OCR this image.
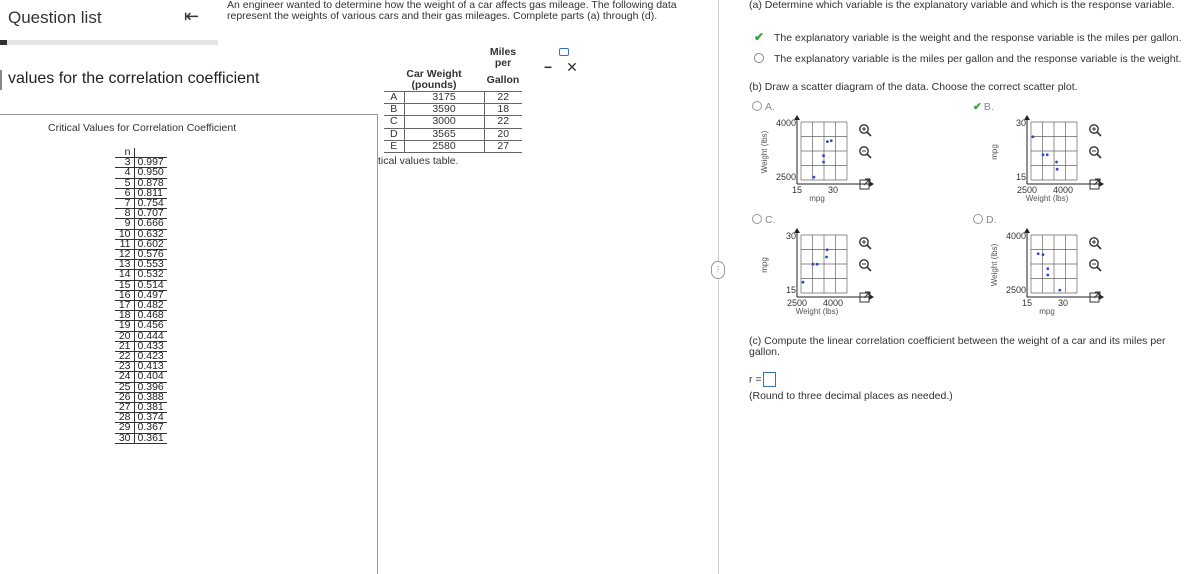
Question list	⇤
values for the correlation coefficient
Critical Values for Correlation Coefficient
n	
3	0.997
4	0.950
5	0.878
6	0.811
7	0.754
8	0.707
9	0.666
10	0.632
11	0.602
12	0.576
13	0.553
14	0.532
15	0.514
16	0.497
17	0.482
18	0.468
19	0.456
20	0.444
21	0.433
22	0.423
23	0.413
24	0.404
25	0.396
26	0.388
27	0.381
28	0.374
29	0.367
30	0.361
An engineer wanted to determine how the weight of a car affects gas mileage. The following data represent the weights of various cars and their gas mileages. Complete parts (a) through (d).
− ✕
		Miles per
Car Weight (pounds)		Gallon
A	3175	22
B	3590	18
C	3000	22
D	3565	20
E	2580	27
tical values table.
⋮
(a) Determine which variable is the explanatory variable and which is the response variable.
✔ The explanatory variable is the weight and the response variable is the miles per gallon.
The explanatory variable is the miles per gallon and the response variable is the weight.
(b) Draw a scatter diagram of the data. Choose the correct scatter plot.
A.	✔ B.
C.	D.
15	30
4000
2500
mpg
Weight (lbs)
2500 4000
30
15
Weight (lbs)
mpg
2500 4000
30
15
Weight (lbs)
mpg
15	30
4000
2500
mpg
Weight (lbs)
(c) Compute the linear correlation coefficient between the weight of a car and its miles per gallon.
r =
(Round to three decimal places as needed.)
